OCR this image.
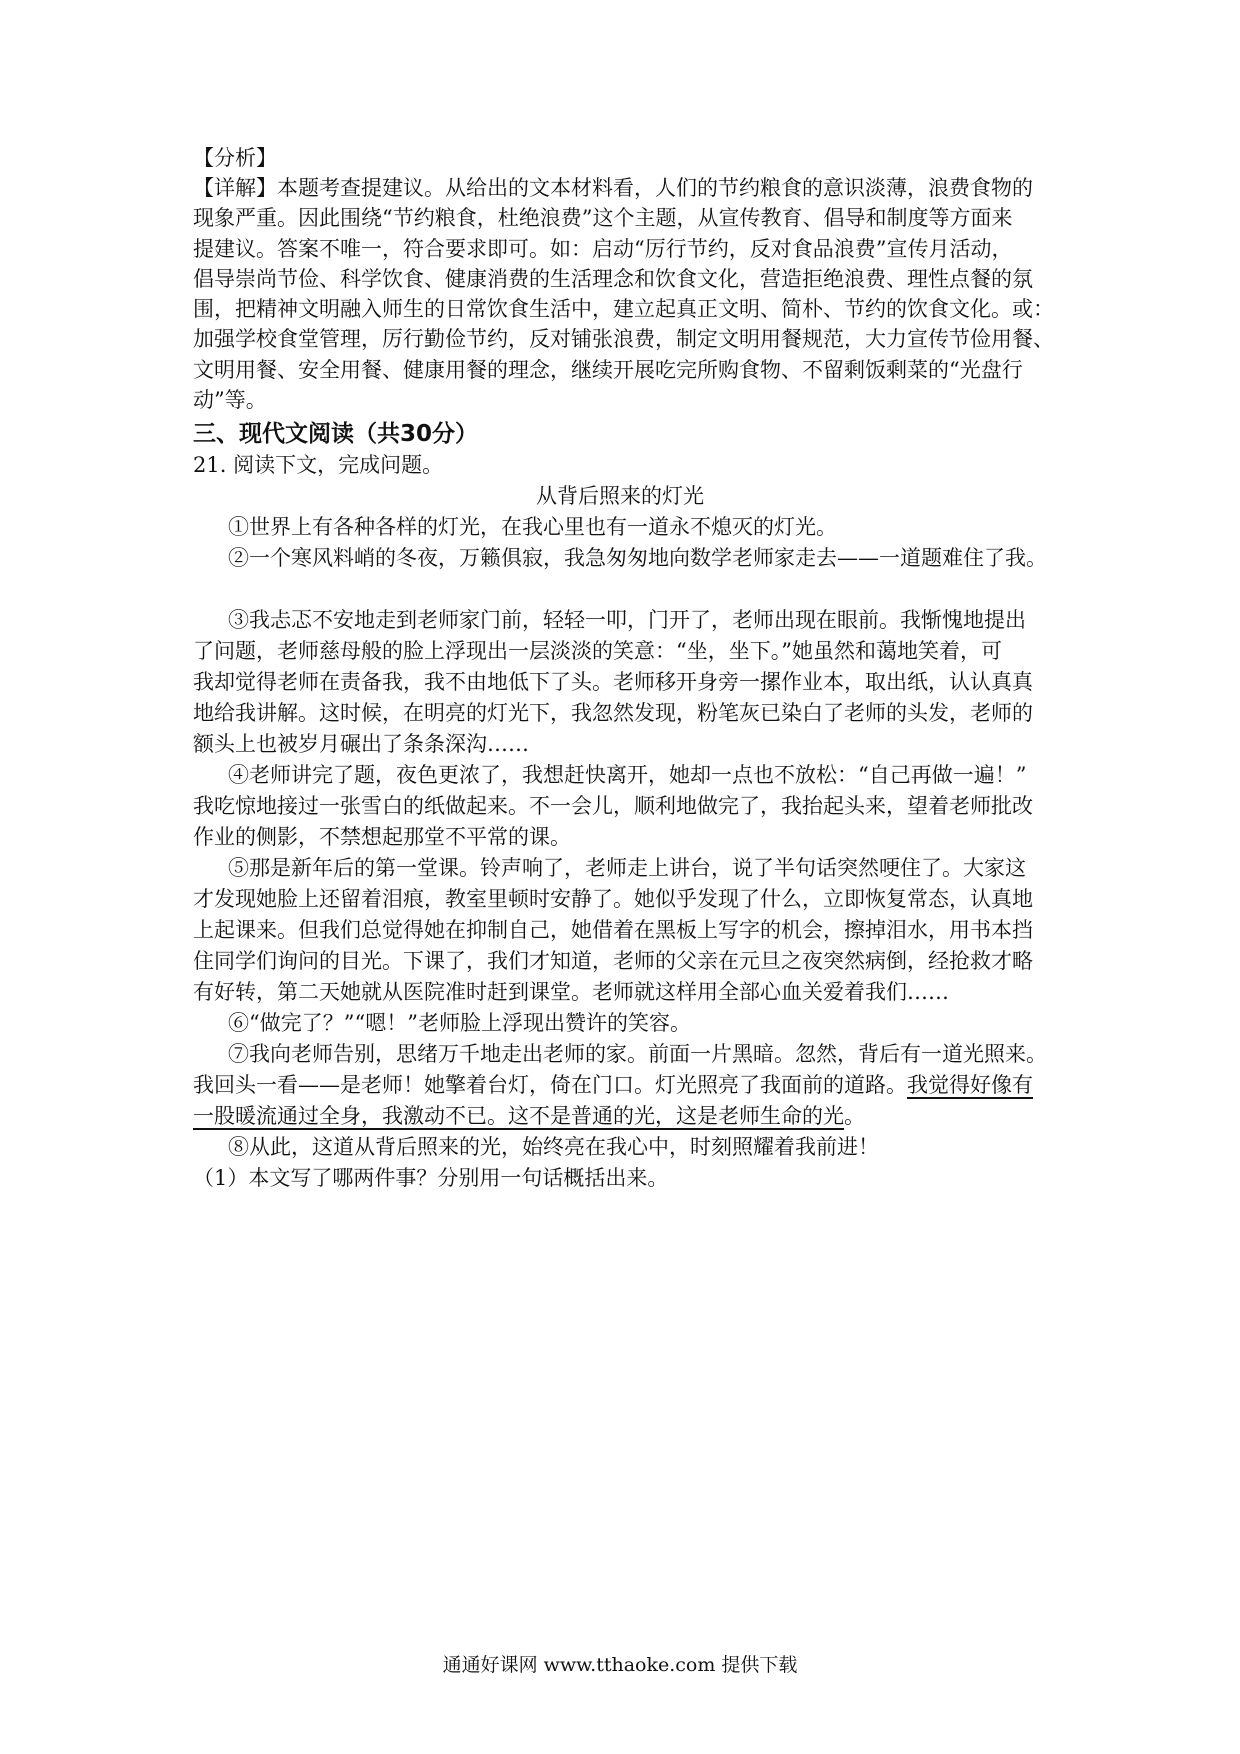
【分析】
【详解】本题考查提建议。从给出的文本材料看，人们的节约粮食的意识淡薄，浪费食物的
现象严重。因此围绕“节约粮食，杜绝浪费”这个主题，从宣传教育、倡导和制度等方面来
提建议。答案不唯一，符合要求即可。如：启动“厉行节约，反对食品浪费”宣传月活动，
倡导崇尚节俭、科学饮食、健康消费的生活理念和饮食文化，营造拒绝浪费、理性点餐的氛
围，把精神文明融入师生的日常饮食生活中，建立起真正文明、简朴、节约的饮食文化。或：
加强学校食堂管理，厉行勤俭节约，反对铺张浪费，制定文明用餐规范，大力宣传节俭用餐、
文明用餐、安全用餐、健康用餐的理念，继续开展吃完所购食物、不留剩饭剩菜的“光盘行
动”等。
三、现代文阅读（共30分）
21. 阅读下文，完成问题。
从背后照来的灯光
①世界上有各种各样的灯光，在我心里也有一道永不熄灭的灯光。
②一个寒风料峭的冬夜，万籁俱寂，我急匆匆地向数学老师家走去——一道题难住了我。
③我忐忑不安地走到老师家门前，轻轻一叩，门开了，老师出现在眼前。我惭愧地提出
了问题，老师慈母般的脸上浮现出一层淡淡的笑意：“坐，坐下。”她虽然和蔼地笑着，可
我却觉得老师在责备我，我不由地低下了头。老师移开身旁一摞作业本，取出纸，认认真真
地给我讲解。这时候，在明亮的灯光下，我忽然发现，粉笔灰已染白了老师的头发，老师的
额头上也被岁月碾出了条条深沟……
④老师讲完了题，夜色更浓了，我想赶快离开，她却一点也不放松：“自己再做一遍！”
我吃惊地接过一张雪白的纸做起来。不一会儿，顺利地做完了，我抬起头来，望着老师批改
作业的侧影，不禁想起那堂不平常的课。
⑤那是新年后的第一堂课。铃声响了，老师走上讲台，说了半句话突然哽住了。大家这
才发现她脸上还留着泪痕，教室里顿时安静了。她似乎发现了什么，立即恢复常态，认真地
上起课来。但我们总觉得她在抑制自己，她借着在黑板上写字的机会，擦掉泪水，用书本挡
住同学们询问的目光。下课了，我们才知道，老师的父亲在元旦之夜突然病倒，经抢救才略
有好转，第二天她就从医院准时赶到课堂。老师就这样用全部心血关爱着我们……
⑥“做完了？”“嗯！”老师脸上浮现出赞许的笑容。
⑦我向老师告别，思绪万千地走出老师的家。前面一片黑暗。忽然，背后有一道光照来。
我回头一看——是老师！她擎着台灯，倚在门口。灯光照亮了我面前的道路。我觉得好像有
一股暖流通过全身，我激动不已。这不是普通的光，这是老师生命的光。
⑧从此，这道从背后照来的光，始终亮在我心中，时刻照耀着我前进！
（1）本文写了哪两件事？分别用一句话概括出来。
通通好课网 www.tthaoke.com 提供下载
